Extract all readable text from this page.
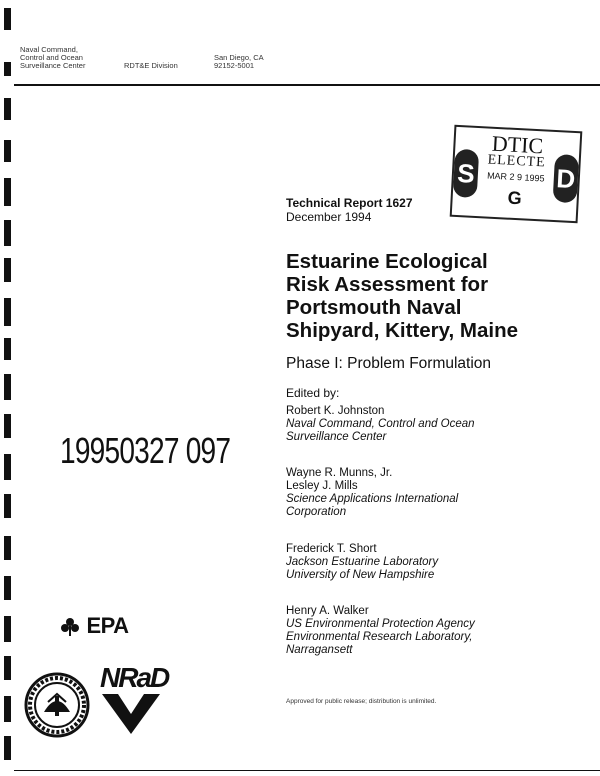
Naval Command,
Control and Ocean
Surveillance Center	RDT&E Division
San Diego, CA
92152-5001
S	D
DTIC
ELECTE
MAR 2 9 1995
G
Technical Report 1627
December 1994
Estuarine Ecological
Risk Assessment for
Portsmouth Naval
Shipyard, Kittery, Maine
Phase I: Problem Formulation
Edited by:
Robert K. Johnston
Naval Command, Control and Ocean
Surveillance Center
Wayne R. Munns, Jr.
Lesley J. Mills
Science Applications International
Corporation
Frederick T. Short
Jackson Estuarine Laboratory
University of New Hampshire
Henry A. Walker
US Environmental Protection Agency
Environmental Research Laboratory,
Narragansett
19950327 097
EPA
NRaD
Approved for public release; distribution is unlimited.
